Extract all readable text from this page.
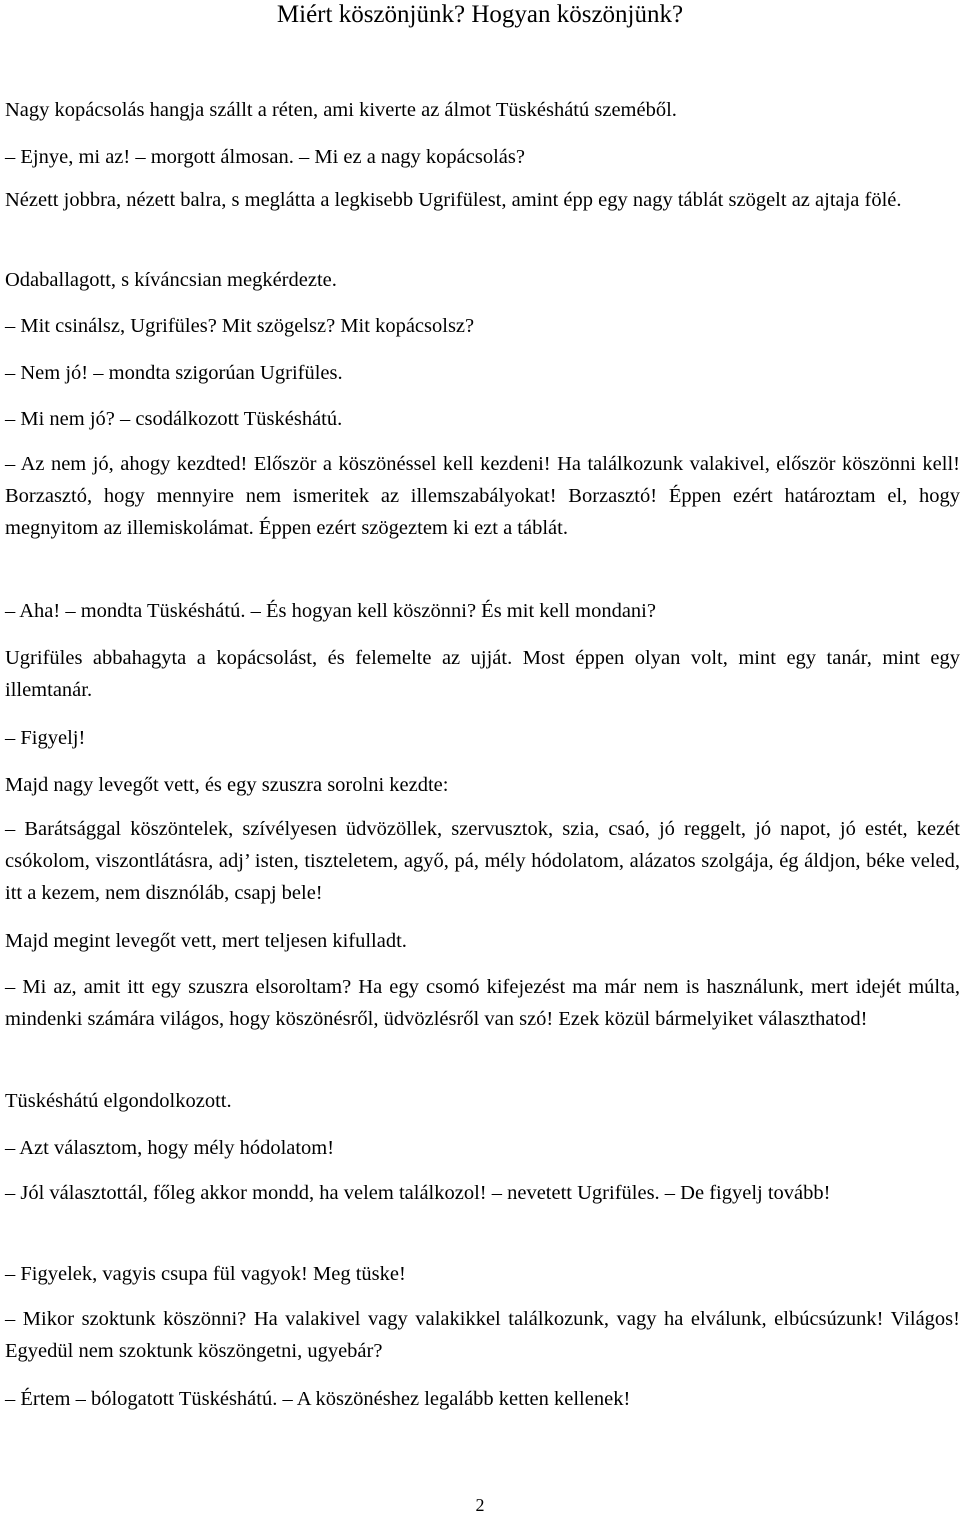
Miért köszönjünk? Hogyan köszönjünk?

Nagy kopácsolás hangja szállt a réten, ami kiverte az álmot Tüskéshátú szeméből.

– Ejnye, mi az! – morgott álmosan. – Mi ez a nagy kopácsolás?

Nézett jobbra, nézett balra, s meglátta a legkisebb Ugrifülest, amint épp egy nagy táblát szögelt az ajtaja fölé.

Odaballagott, s kíváncsian megkérdezte.

– Mit csinálsz, Ugrifüles? Mit szögelsz? Mit kopácsolsz?

– Nem jó! – mondta szigorúan Ugrifüles.

– Mi nem jó? – csodálkozott Tüskéshátú.

– Az nem jó, ahogy kezdted! Először a köszönéssel kell kezdeni! Ha találkozunk valakivel, először köszönni kell! Borzasztó, hogy mennyire nem ismeritek az illemszabályokat! Borzasztó! Éppen ezért határoztam el, hogy megnyitom az illemiskolámat. Éppen ezért szögeztem ki ezt a táblát.

– Aha! – mondta Tüskéshátú. – És hogyan kell köszönni? És mit kell mondani?

Ugrifüles abbahagyta a kopácsolást, és felemelte az ujját. Most éppen olyan volt, mint egy tanár, mint egy illemtanár.

– Figyelj!

Majd nagy levegőt vett, és egy szuszra sorolni kezdte:

– Barátsággal köszöntelek, szívélyesen üdvözöllek, szervusztok, szia, csaó, jó reggelt, jó napot, jó estét, kezét csókolom, viszontlátásra, adj’ isten, tiszteletem, agyő, pá, mély hódolatom, alázatos szolgája, ég áldjon, béke veled, itt a kezem, nem disznóláb, csapj bele!

Majd megint levegőt vett, mert teljesen kifulladt.

– Mi az, amit itt egy szuszra elsoroltam? Ha egy csomó kifejezést ma már nem is használunk, mert idejét múlta, mindenki számára világos, hogy köszönésről, üdvözlésről van szó! Ezek közül bármelyiket választhatod!

Tüskéshátú elgondolkozott.

– Azt választom, hogy mély hódolatom!

– Jól választottál, főleg akkor mondd, ha velem találkozol! – nevetett Ugrifüles. – De figyelj tovább!

– Figyelek, vagyis csupa fül vagyok! Meg tüske!

– Mikor szoktunk köszönni? Ha valakivel vagy valakikkel találkozunk, vagy ha elválunk, elbúcsúzunk! Világos! Egyedül nem szoktunk köszöngetni, ugyebár?

– Értem – bólogatott Tüskéshátú. – A köszönéshez legalább ketten kellenek!

2
